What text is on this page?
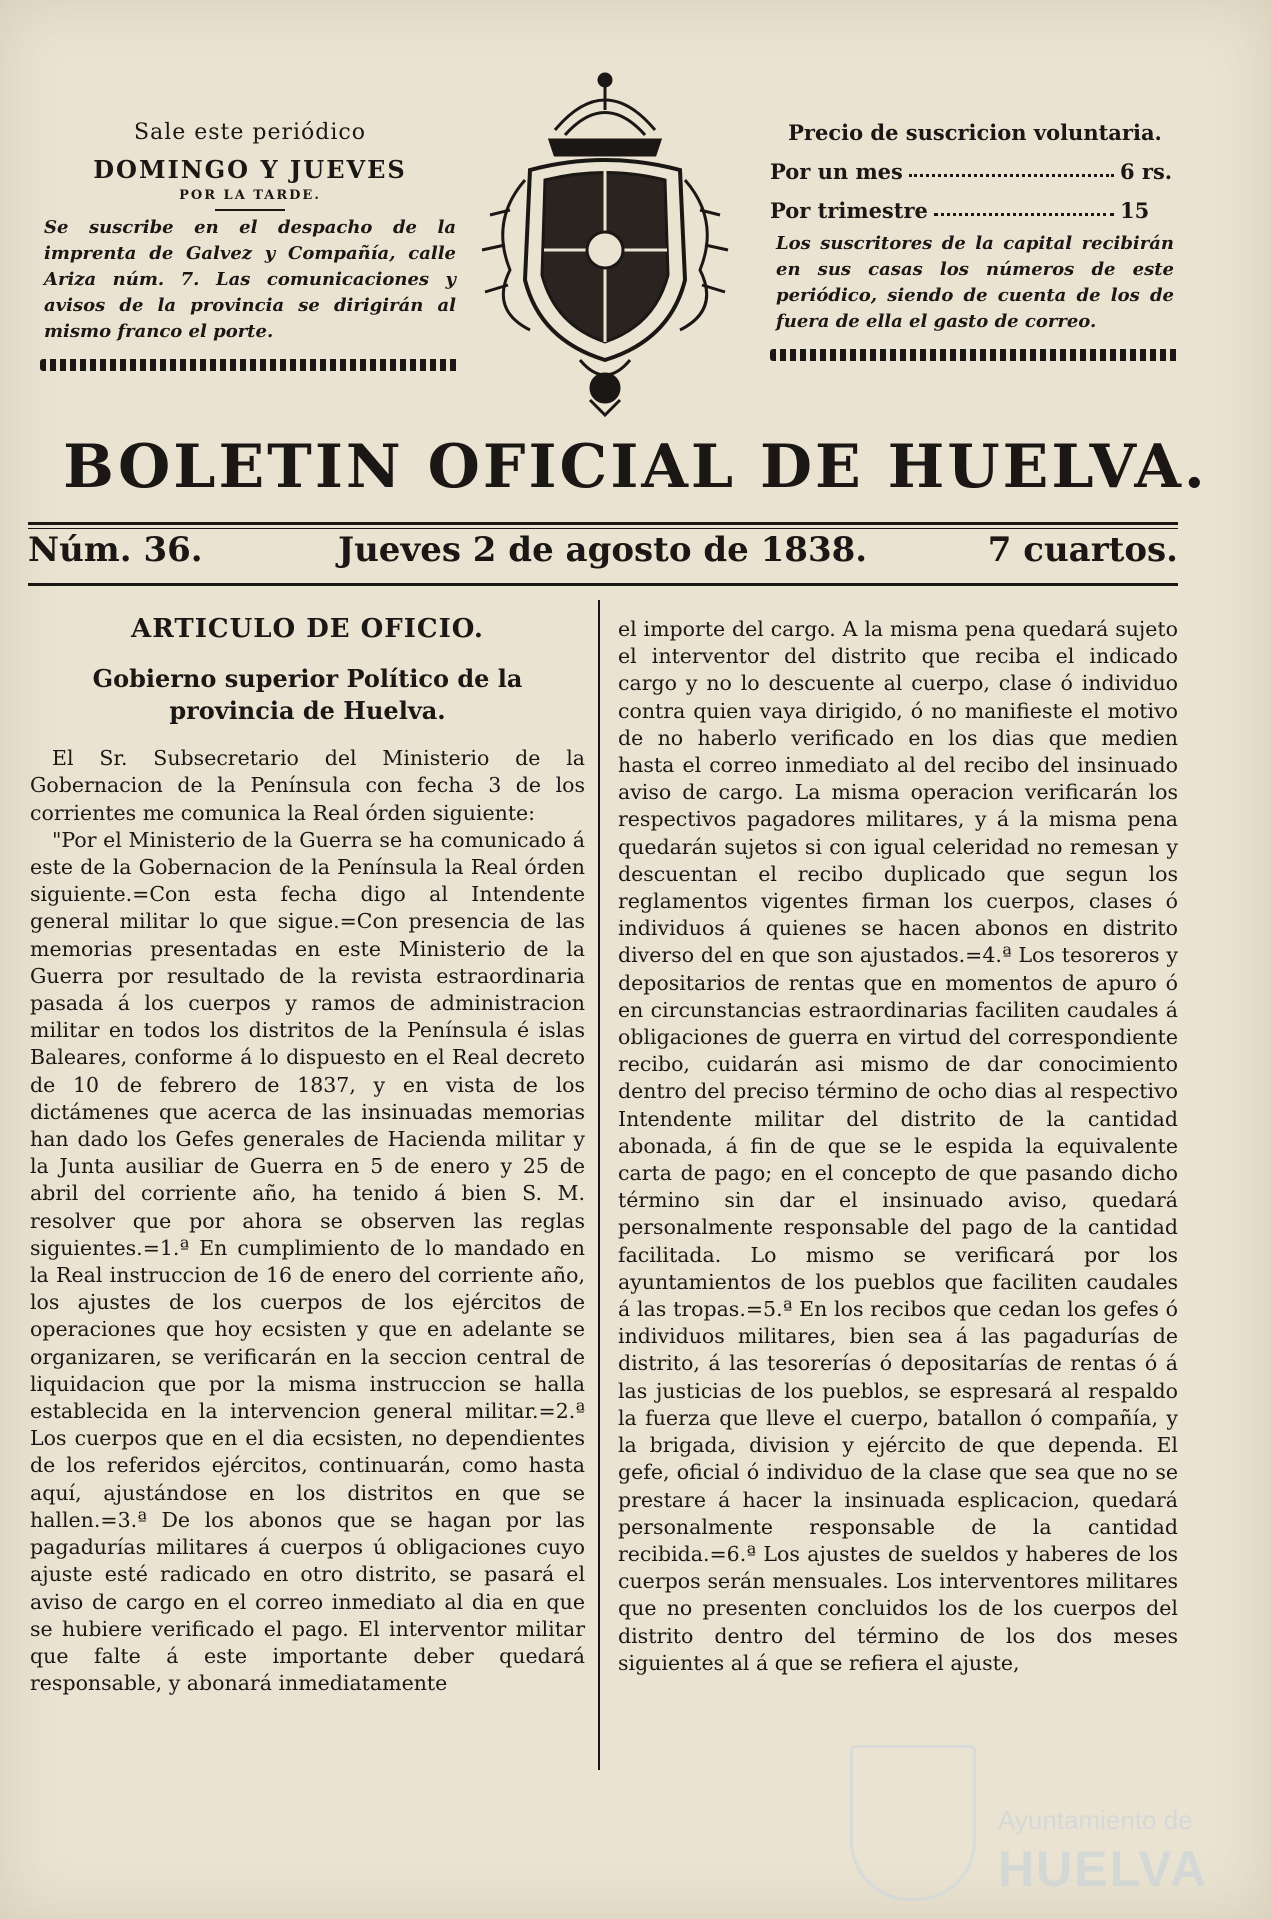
Sale este periódico
DOMINGO Y JUEVES
POR LA TARDE.
Se suscribe en el despacho de la imprenta de Galvez y Compañía, calle Ariza núm. 7. Las comunicaciones y avisos de la provincia se dirigirán al mismo franco el porte.
Precio de suscricion voluntaria.
Por un mes	6 rs.
Por trimestre	15
Los suscritores de la capital recibirán en sus casas los números de este periódico, siendo de cuenta de los de fuera de ella el gasto de correo.
BOLETIN OFICIAL DE HUELVA.
Núm. 36.	Jueves 2 de agosto de 1838.	7 cuartos.
ARTICULO DE OFICIO.
Gobierno superior Político de la provincia de Huelva.

El Sr. Subsecretario del Ministerio de la Gobernacion de la Península con fecha 3 de los corrientes me comunica la Real órden siguiente:

"Por el Ministerio de la Guerra se ha comunicado á este de la Gobernacion de la Península la Real órden siguiente.=Con esta fecha digo al Intendente general militar lo que sigue.=Con presencia de las memorias presentadas en este Ministerio de la Guerra por resultado de la revista estraordinaria pasada á los cuerpos y ramos de administracion militar en todos los distritos de la Península é islas Baleares, conforme á lo dispuesto en el Real decreto de 10 de febrero de 1837, y en vista de los dictámenes que acerca de las insinuadas memorias han dado los Gefes generales de Hacienda militar y la Junta ausiliar de Guerra en 5 de enero y 25 de abril del corriente año, ha tenido á bien S. M. resolver que por ahora se observen las reglas siguientes.=1.ª En cumplimiento de lo mandado en la Real instruccion de 16 de enero del corriente año, los ajustes de los cuerpos de los ejércitos de operaciones que hoy ecsisten y que en adelante se organizaren, se verificarán en la seccion central de liquidacion que por la misma instruccion se halla establecida en la intervencion general militar.=2.ª Los cuerpos que en el dia ecsisten, no dependientes de los referidos ejércitos, continuarán, como hasta aquí, ajustándose en los distritos en que se hallen.=3.ª De los abonos que se hagan por las pagadurías militares á cuerpos ú obligaciones cuyo ajuste esté radicado en otro distrito, se pasará el aviso de cargo en el correo inmediato al dia en que se hubiere verificado el pago. El interventor militar que falte á este importante deber quedará responsable, y abonará inmediatamente

el importe del cargo. A la misma pena quedará sujeto el interventor del distrito que reciba el indicado cargo y no lo descuente al cuerpo, clase ó individuo contra quien vaya dirigido, ó no manifieste el motivo de no haberlo verificado en los dias que medien hasta el correo inmediato al del recibo del insinuado aviso de cargo. La misma operacion verificarán los respectivos pagadores militares, y á la misma pena quedarán sujetos si con igual celeridad no remesan y descuentan el recibo duplicado que segun los reglamentos vigentes firman los cuerpos, clases ó individuos á quienes se hacen abonos en distrito diverso del en que son ajustados.=4.ª Los tesoreros y depositarios de rentas que en momentos de apuro ó en circunstancias estraordinarias faciliten caudales á obligaciones de guerra en virtud del correspondiente recibo, cuidarán asi mismo de dar conocimiento dentro del preciso término de ocho dias al respectivo Intendente militar del distrito de la cantidad abonada, á fin de que se le espida la equivalente carta de pago; en el concepto de que pasando dicho término sin dar el insinuado aviso, quedará personalmente responsable del pago de la cantidad facilitada. Lo mismo se verificará por los ayuntamientos de los pueblos que faciliten caudales á las tropas.=5.ª En los recibos que cedan los gefes ó individuos militares, bien sea á las pagadurías de distrito, á las tesorerías ó depositarías de rentas ó á las justicias de los pueblos, se espresará al respaldo la fuerza que lleve el cuerpo, batallon ó compañía, y la brigada, division y ejército de que dependa. El gefe, oficial ó individuo de la clase que sea que no se prestare á hacer la insinuada esplicacion, quedará personalmente responsable de la cantidad recibida.=6.ª Los ajustes de sueldos y haberes de los cuerpos serán mensuales. Los interventores militares que no presenten concluidos los de los cuerpos del distrito dentro del término de los dos meses siguientes al á que se refiera el ajuste,

Ayuntamiento de
HUELVA
